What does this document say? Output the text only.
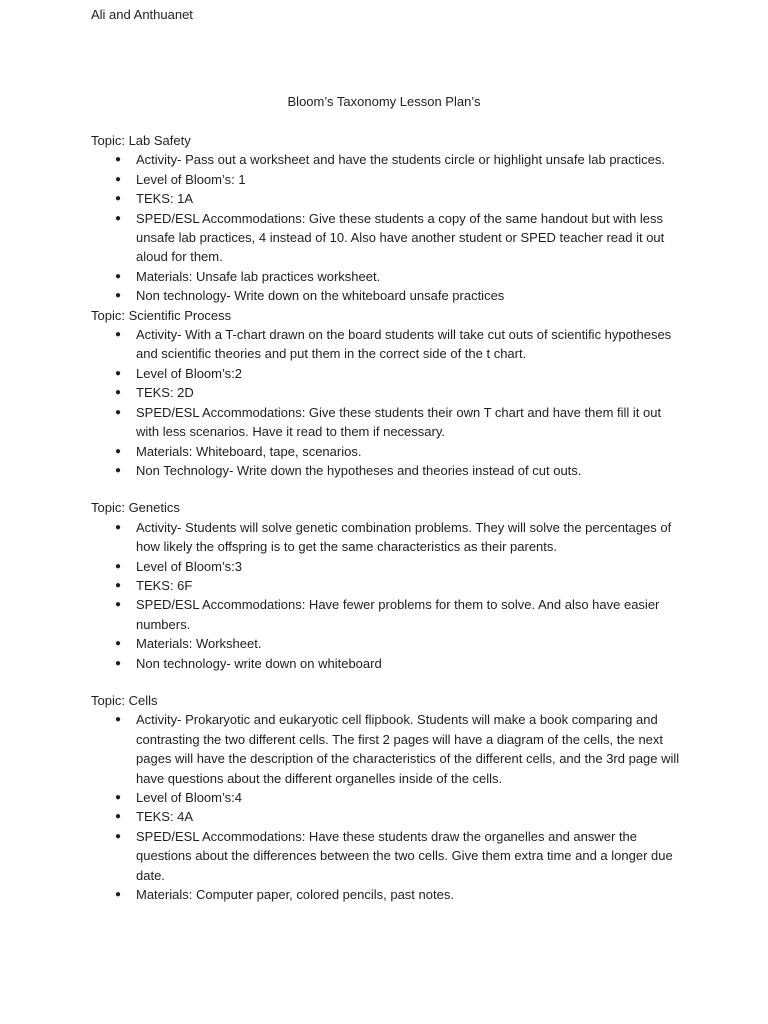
Ali and Anthuanet
Bloom’s Taxonomy Lesson Plan’s
Topic: Lab Safety
● Activity- Pass out a worksheet and have the students circle or highlight unsafe lab practices.
● Level of Bloom’s: 1
● TEKS: 1A
● SPED/ESL Accommodations: Give these students a copy of the same handout but with less unsafe lab practices, 4 instead of 10. Also have another student or SPED teacher read it out aloud for them.
● Materials: Unsafe lab practices worksheet.
● Non technology- Write down on the whiteboard unsafe practices
Topic: Scientific Process
● Activity- With a T-chart drawn on the board students will take cut outs of scientific hypotheses and scientific theories and put them in the correct side of the t chart.
● Level of Bloom’s:2
● TEKS: 2D
● SPED/ESL Accommodations: Give these students their own T chart and have them fill it out with less scenarios. Have it read to them if necessary.
● Materials: Whiteboard, tape, scenarios.
● Non Technology- Write down the hypotheses and theories instead of cut outs.
Topic: Genetics
● Activity- Students will solve genetic combination problems. They will solve the percentages of how likely the offspring is to get the same characteristics as their parents.
● Level of Bloom’s:3
● TEKS: 6F
● SPED/ESL Accommodations: Have fewer problems for them to solve. And also have easier numbers.
● Materials: Worksheet.
● Non technology- write down on whiteboard
Topic: Cells
● Activity- Prokaryotic and eukaryotic cell flipbook. Students will make a book comparing and contrasting the two different cells. The first 2 pages will have a diagram of the cells, the next pages will have the description of the characteristics of the different cells, and the 3rd page will have questions about the different organelles inside of the cells.
● Level of Bloom’s:4
● TEKS: 4A
● SPED/ESL Accommodations: Have these students draw the organelles and answer the questions about the differences between the two cells. Give them extra time and a longer due date.
● Materials: Computer paper, colored pencils, past notes.
